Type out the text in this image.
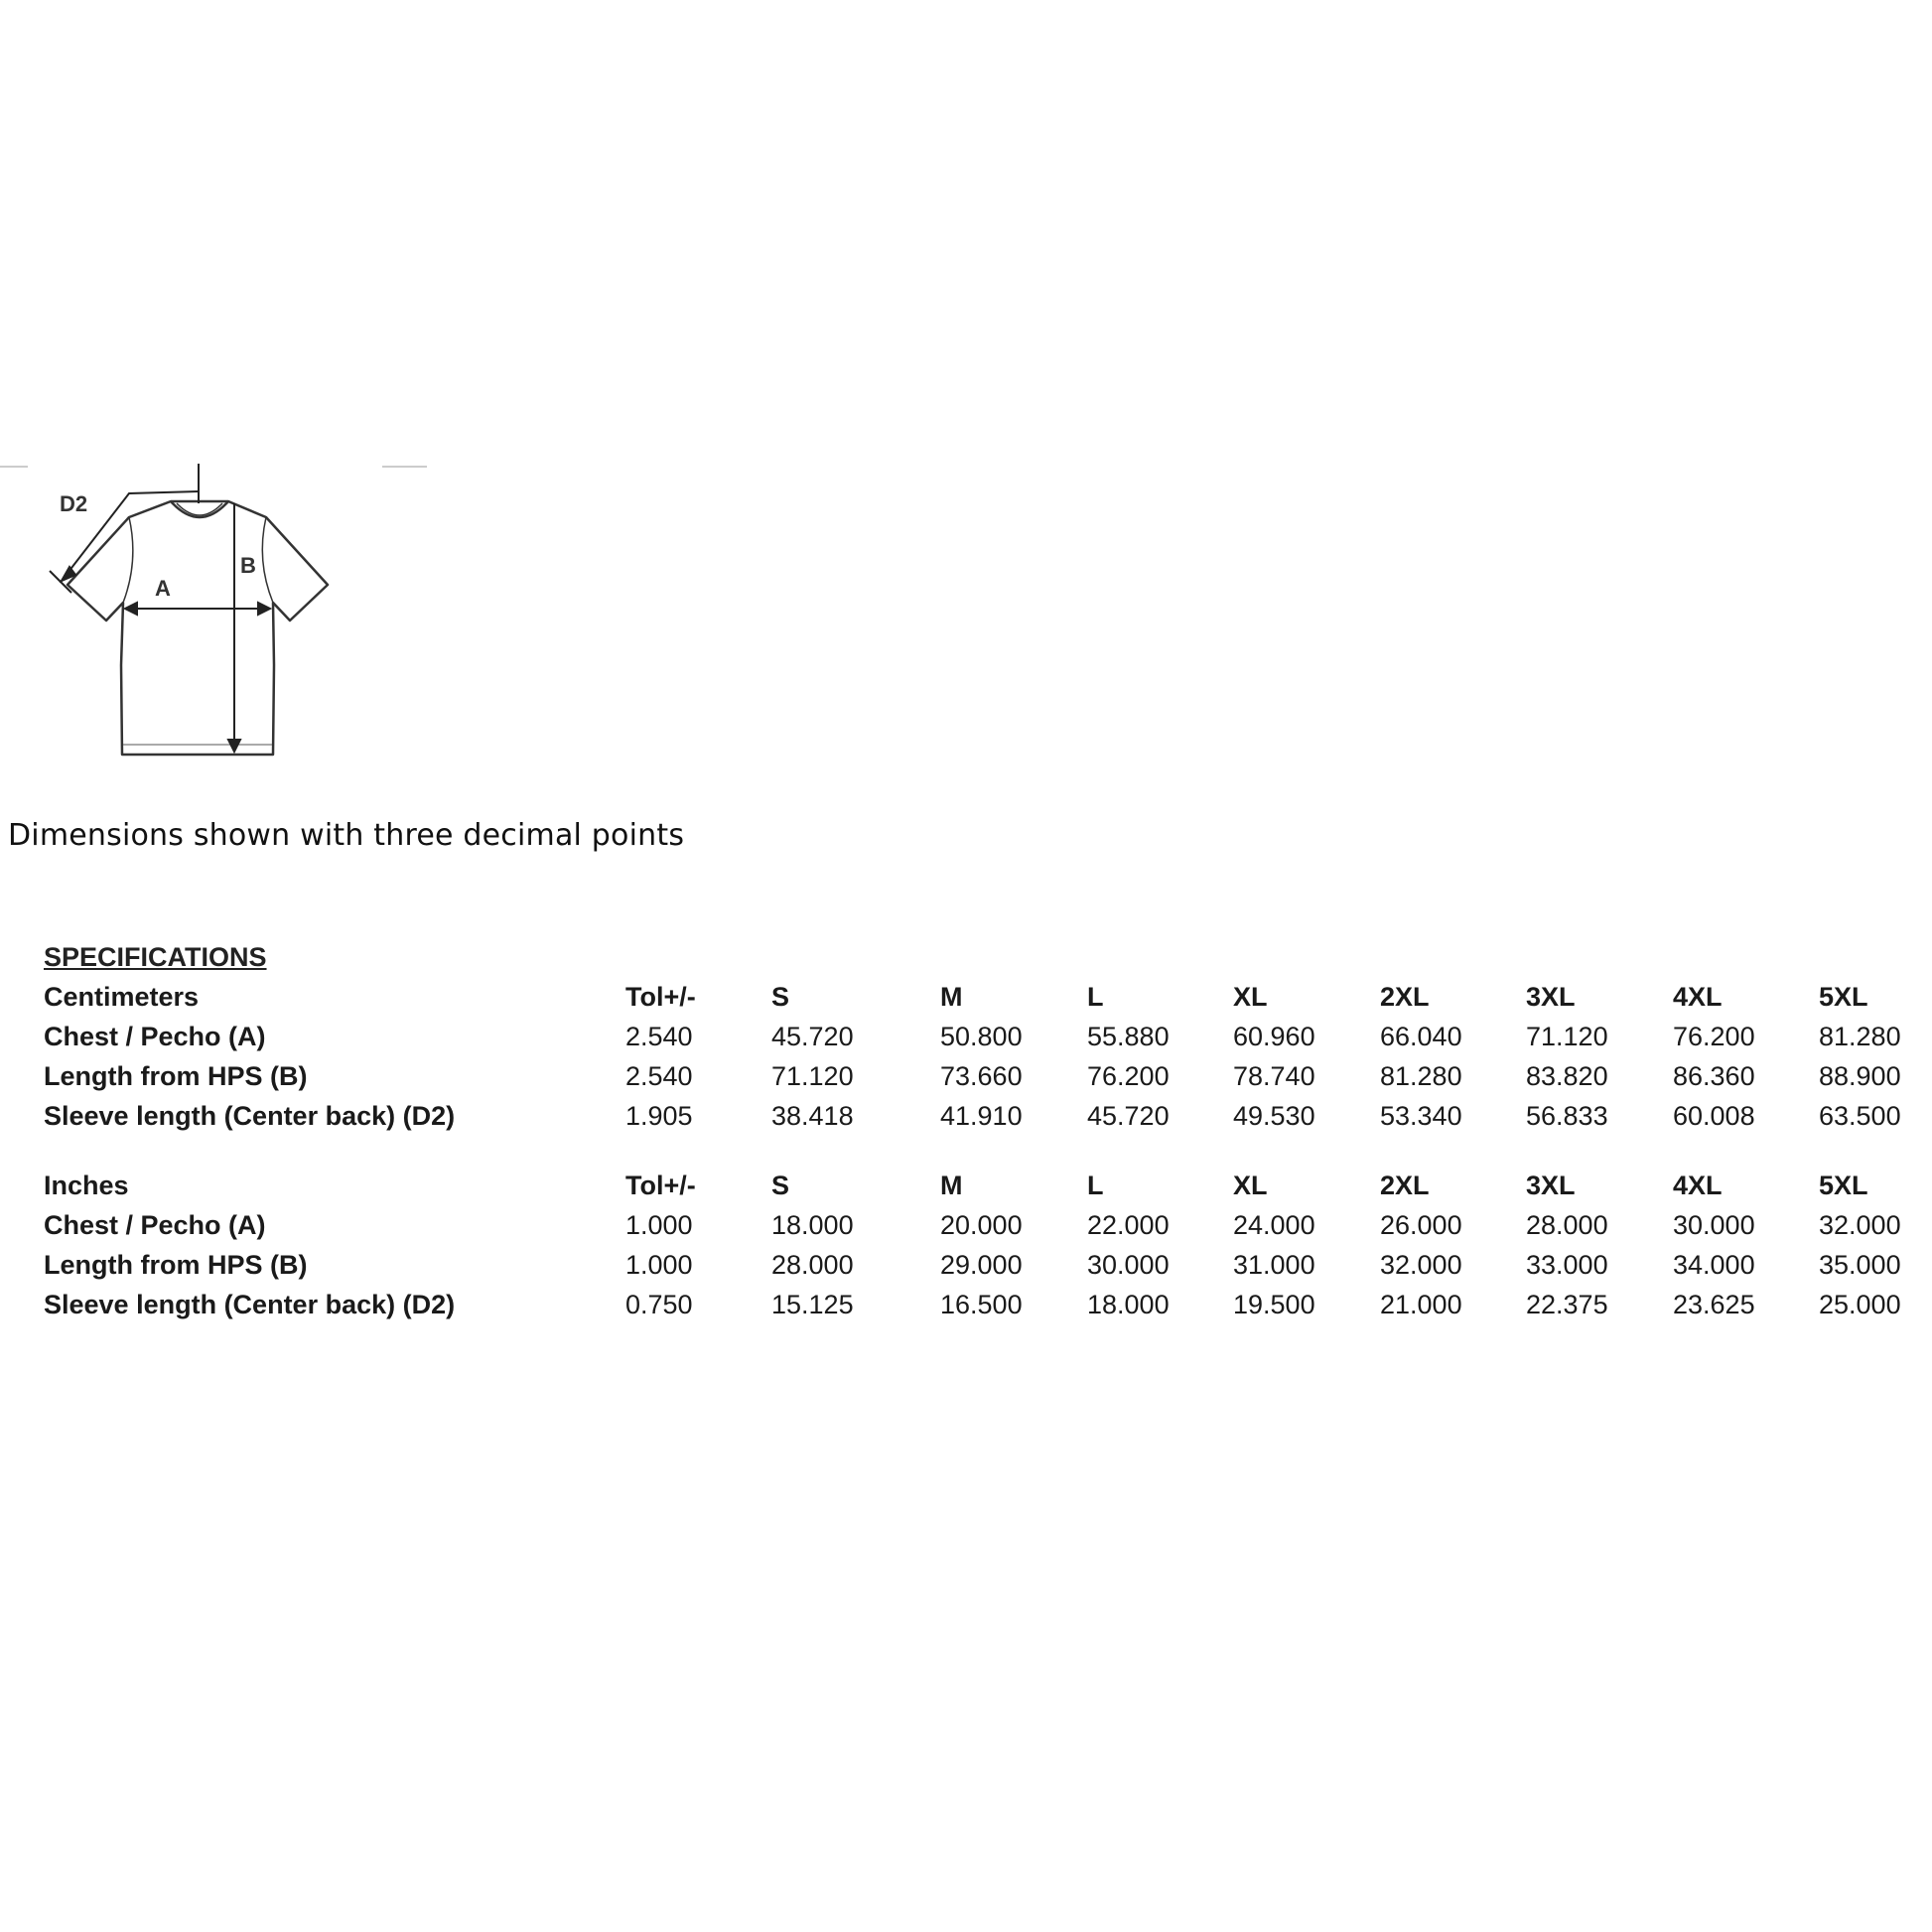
D2
A
B
Dimensions shown with three decimal points
SPECIFICATIONS
Centimeters	Tol+/-	S	M	L	XL	2XL	3XL	4XL	5XL
Chest / Pecho (A)	2.540	45.720	50.800 55.880 60.960 66.040 71.120 76.200 81.280
Length from HPS (B)	2.540	71.120	73.660 76.200 78.740 81.280 83.820 86.360 88.900
Sleeve length (Center back) (D2)	1.905	38.418	41.910 45.720 49.530 53.340 56.833 60.008 63.500
Inches	Tol+/-	S	M	L	XL	2XL	3XL	4XL	5XL
Chest / Pecho (A)	1.000	18.000	20.000 22.000 24.000 26.000 28.000 30.000 32.000
Length from HPS (B)	1.000	28.000	29.000 30.000 31.000 32.000 33.000 34.000 35.000
Sleeve length (Center back) (D2)	0.750	15.125	16.500 18.000 19.500 21.000 22.375 23.625 25.000
